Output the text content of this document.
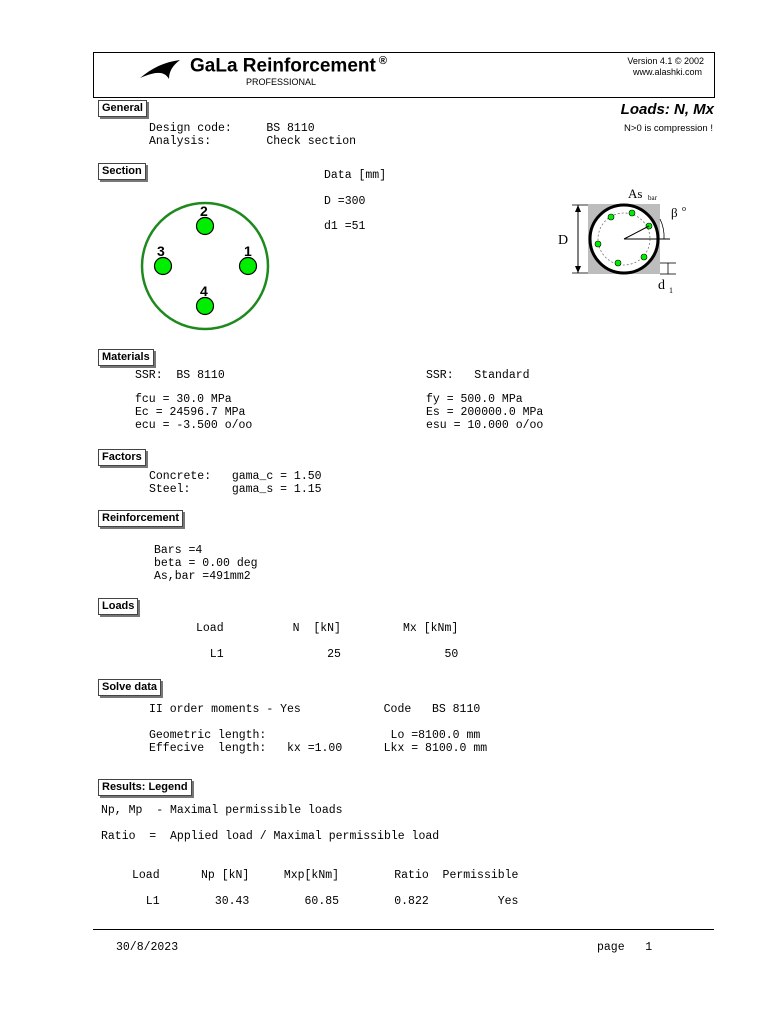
GaLa Reinforcement ®
PROFESSIONAL
Version 4.1 © 2002
www.alashki.com
Loads: N, Mx
N>0 is compression !
General
Design code:     BS 8110
Analysis:        Check section
Section	Data [mm]
D =300
d1 =51
1
2
3
4
As bar
β o
D
d 1
Materials
SSR:  BS 8110
fcu = 30.0 MPa
Ec = 24596.7 MPa
ecu = -3.500 o/oo
SSR:   Standard
fy = 500.0 MPa
Es = 200000.0 MPa
esu = 10.000 o/oo
Factors
Concrete:   gama_c = 1.50
Steel:      gama_s = 1.15
Reinforcement
Bars =4
beta = 0.00 deg
As,bar =491mm2
Loads
Load          N  [kN]         Mx [kNm]
L1               25               50
Solve data
II order moments - Yes            Code   BS 8110
Geometric length:                  Lo =8100.0 mm
Effecive  length:   kx =1.00      Lkx = 8100.0 mm
Results: Legend
Np, Mp  - Maximal permissible loads
Ratio  =  Applied load / Maximal permissible load
Load      Np [kN]     Mxp[kNm]        Ratio  Permissible
L1        30.43        60.85        0.822          Yes
30/8/2023	page   1
